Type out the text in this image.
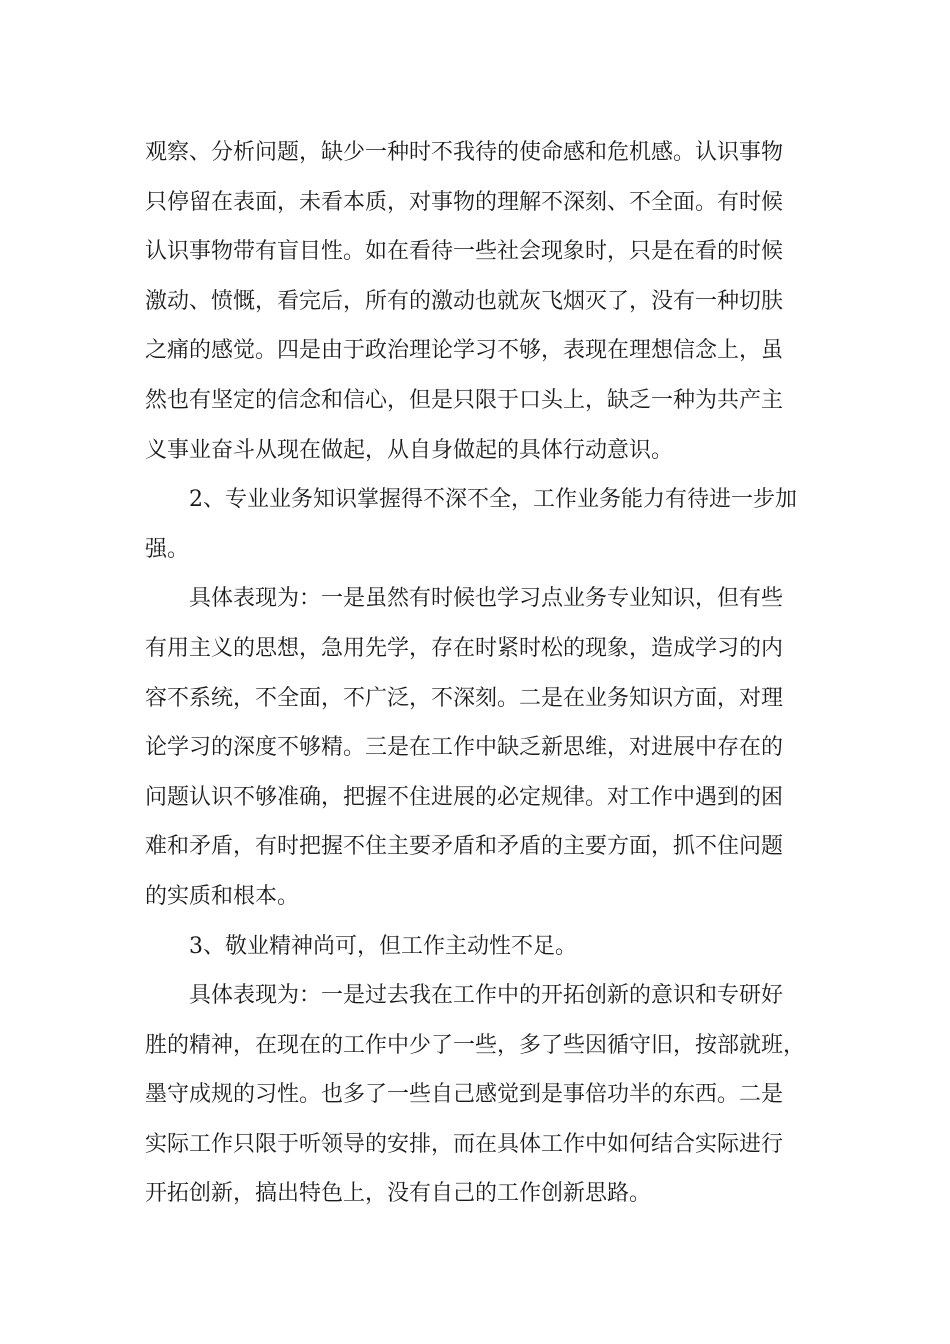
观察、分析问题，缺少一种时不我待的使命感和危机感。认识事物
只停留在表面，未看本质，对事物的理解不深刻、不全面。有时候
认识事物带有盲目性。如在看待一些社会现象时，只是在看的时候
激动、愤慨，看完后，所有的激动也就灰飞烟灭了，没有一种切肤
之痛的感觉。四是由于政治理论学习不够，表现在理想信念上，虽
然也有坚定的信念和信心，但是只限于口头上，缺乏一种为共产主
义事业奋斗从现在做起，从自身做起的具体行动意识。
2、专业业务知识掌握得不深不全，工作业务能力有待进一步加
强。
具体表现为：一是虽然有时候也学习点业务专业知识，但有些
有用主义的思想，急用先学，存在时紧时松的现象，造成学习的内
容不系统，不全面，不广泛，不深刻。二是在业务知识方面，对理
论学习的深度不够精。三是在工作中缺乏新思维，对进展中存在的
问题认识不够准确，把握不住进展的必定规律。对工作中遇到的困
难和矛盾，有时把握不住主要矛盾和矛盾的主要方面，抓不住问题
的实质和根本。
3、敬业精神尚可，但工作主动性不足。
具体表现为：一是过去我在工作中的开拓创新的意识和专研好
胜的精神，在现在的工作中少了一些，多了些因循守旧，按部就班，
墨守成规的习性。也多了一些自己感觉到是事倍功半的东西。二是
实际工作只限于听领导的安排，而在具体工作中如何结合实际进行
开拓创新，搞出特色上，没有自己的工作创新思路。
